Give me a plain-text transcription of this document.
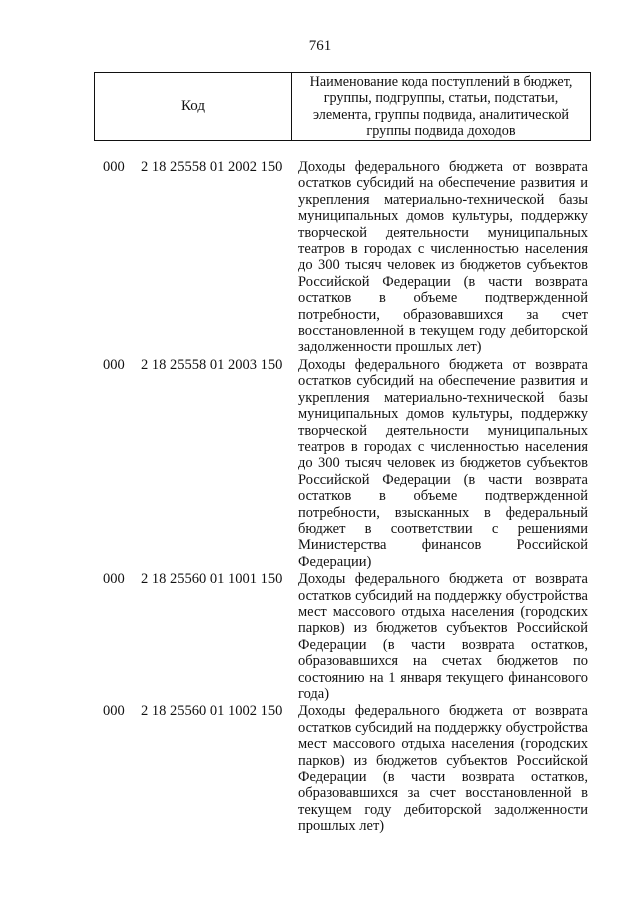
761
Код
Наименование кода поступлений в бюджет, группы, подгруппы, статьи, подстатьи, элемента, группы подвида, аналитической группы подвида доходов
000 2 18 25558 01 2002 150 Доходы федерального бюджета от возврата остатков субсидий на обеспечение развития и укрепления материально-технической базы муниципальных домов культуры, поддержку творческой деятельности муниципальных театров в городах с численностью населения до 300 тысяч человек из бюджетов субъектов Российской Федерации (в части возврата остатков в объеме подтвержденной потребности, образовавшихся за счет восстановленной в текущем году дебиторской задолженности прошлых лет)
000 2 18 25558 01 2003 150 Доходы федерального бюджета от возврата остатков субсидий на обеспечение развития и укрепления материально-технической базы муниципальных домов культуры, поддержку творческой деятельности муниципальных театров в городах с численностью населения до 300 тысяч человек из бюджетов субъектов Российской Федерации (в части возврата остатков в объеме подтвержденной потребности, взысканных в федеральный бюджет в соответствии с решениями Министерства финансов Российской Федерации)
000 2 18 25560 01 1001 150 Доходы федерального бюджета от возврата остатков субсидий на поддержку обустройства мест массового отдыха населения (городских парков) из бюджетов субъектов Российской Федерации (в части возврата остатков, образовавшихся на счетах бюджетов по состоянию на 1 января текущего финансового года)
000 2 18 25560 01 1002 150 Доходы федерального бюджета от возврата остатков субсидий на поддержку обустройства мест массового отдыха населения (городских парков) из бюджетов субъектов Российской Федерации (в части возврата остатков, образовавшихся за счет восстановленной в текущем году дебиторской задолженности прошлых лет)
